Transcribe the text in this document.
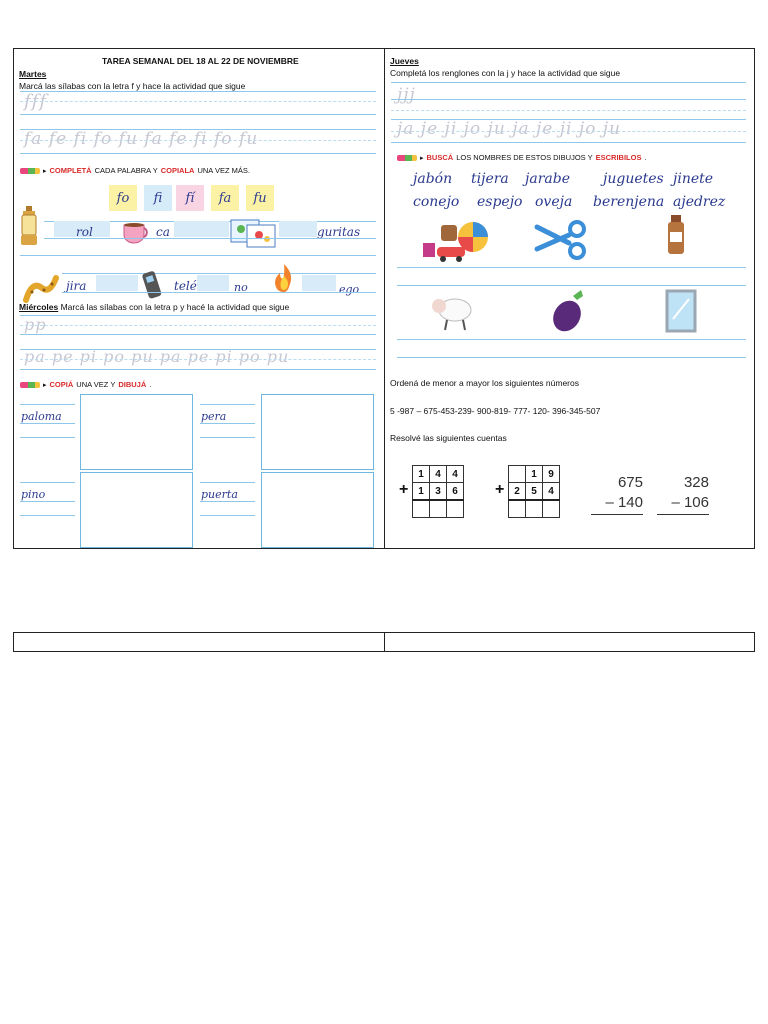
TAREA SEMANAL DEL 18 AL 22 DE NOVIEMBRE
Martes
Marcá las sílabas con la letra f y hace la actividad que sigue
fff
fa fe fi fo fu fa fe fi fo fu
▸ COMPLETÁ CADA PALABRA Y COPIALA UNA VEZ MÁS.
fo	fi	fí	fa	fu
rol	ca	guritas
jira	telé	no	ego
Miércoles Marcá las sílabas con la letra p y hacé la actividad que sigue
pp
pa pe pi po pu pa pe pi po pu
▸ COPIÁ UNA VEZ Y DIBUJÁ .
paloma	pera
pino	puerta
Jueves
Completá los renglones con la j y hace la actividad que sigue
jjj
ja je ji jo ju ja je ji jo ju
▸ BUSCÁ LOS NOMBRES DE ESTOS DIBUJOS Y ESCRIBILOS .
jabón tijera jarabe juguetes jinete
conejo espejo oveja berenjena ajedrez
Ordená de menor a mayor los siguientes números
5 -987 – 675-453-239- 900-819- 777- 120- 396-345-507
Resolvé las siguientes cuentas
+
1	4	4
1	3	6
		+
	1	9
2	5	4
			675
– 140
328
– 106
